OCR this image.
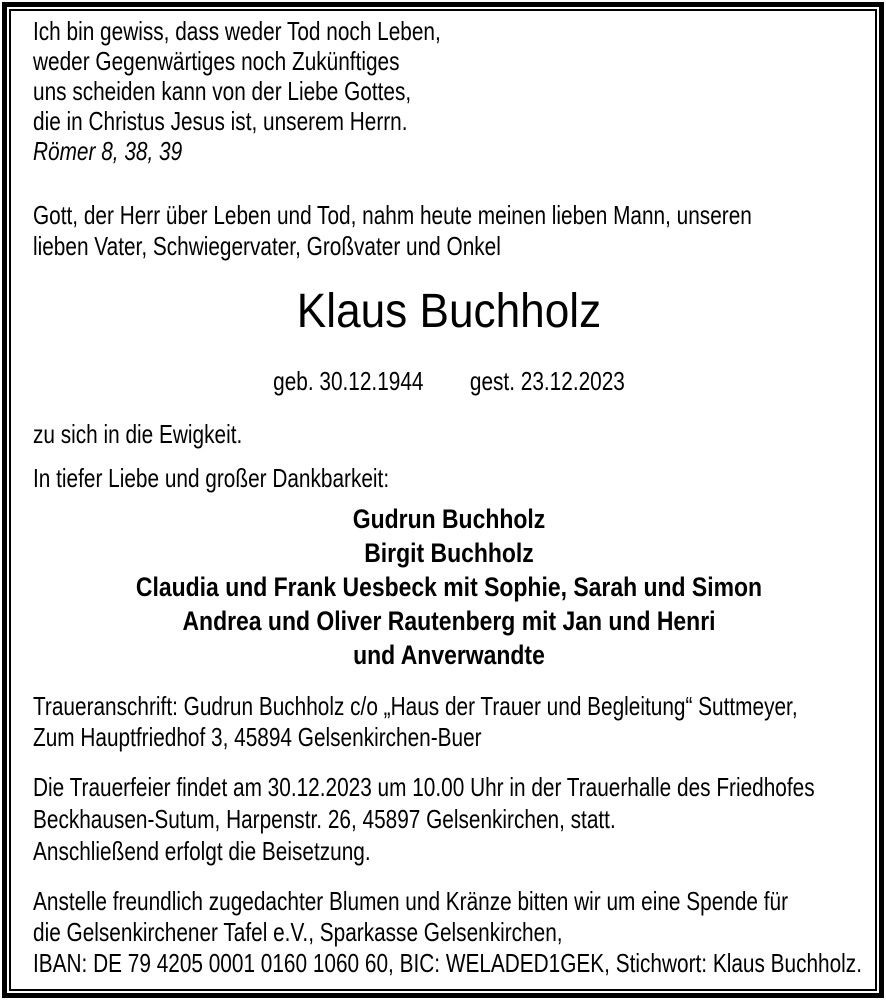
Ich bin gewiss, dass weder Tod noch Leben,
weder Gegenwärtiges noch Zukünftiges
uns scheiden kann von der Liebe Gottes,
die in Christus Jesus ist, unserem Herrn.
Römer 8, 38, 39
Gott, der Herr über Leben und Tod, nahm heute meinen lieben Mann, unseren
lieben Vater, Schwiegervater, Großvater und Onkel
Klaus Buchholz
geb. 30.12.1944 gest. 23.12.2023
zu sich in die Ewigkeit.
In tiefer Liebe und großer Dankbarkeit:
Gudrun Buchholz
Birgit Buchholz
Claudia und Frank Uesbeck mit Sophie, Sarah und Simon
Andrea und Oliver Rautenberg mit Jan und Henri
und Anverwandte
Traueranschrift: Gudrun Buchholz c/o „Haus der Trauer und Begleitung“ Suttmeyer,
Zum Hauptfriedhof 3, 45894 Gelsenkirchen-Buer
Die Trauerfeier findet am 30.12.2023 um 10.00 Uhr in der Trauerhalle des Friedhofes
Beckhausen-Sutum, Harpenstr. 26, 45897 Gelsenkirchen, statt.
Anschließend erfolgt die Beisetzung.
Anstelle freundlich zugedachter Blumen und Kränze bitten wir um eine Spende für
die Gelsenkirchener Tafel e.V., Sparkasse Gelsenkirchen,
IBAN: DE 79 4205 0001 0160 1060 60, BIC: WELADED1GEK, Stichwort: Klaus Buchholz.
